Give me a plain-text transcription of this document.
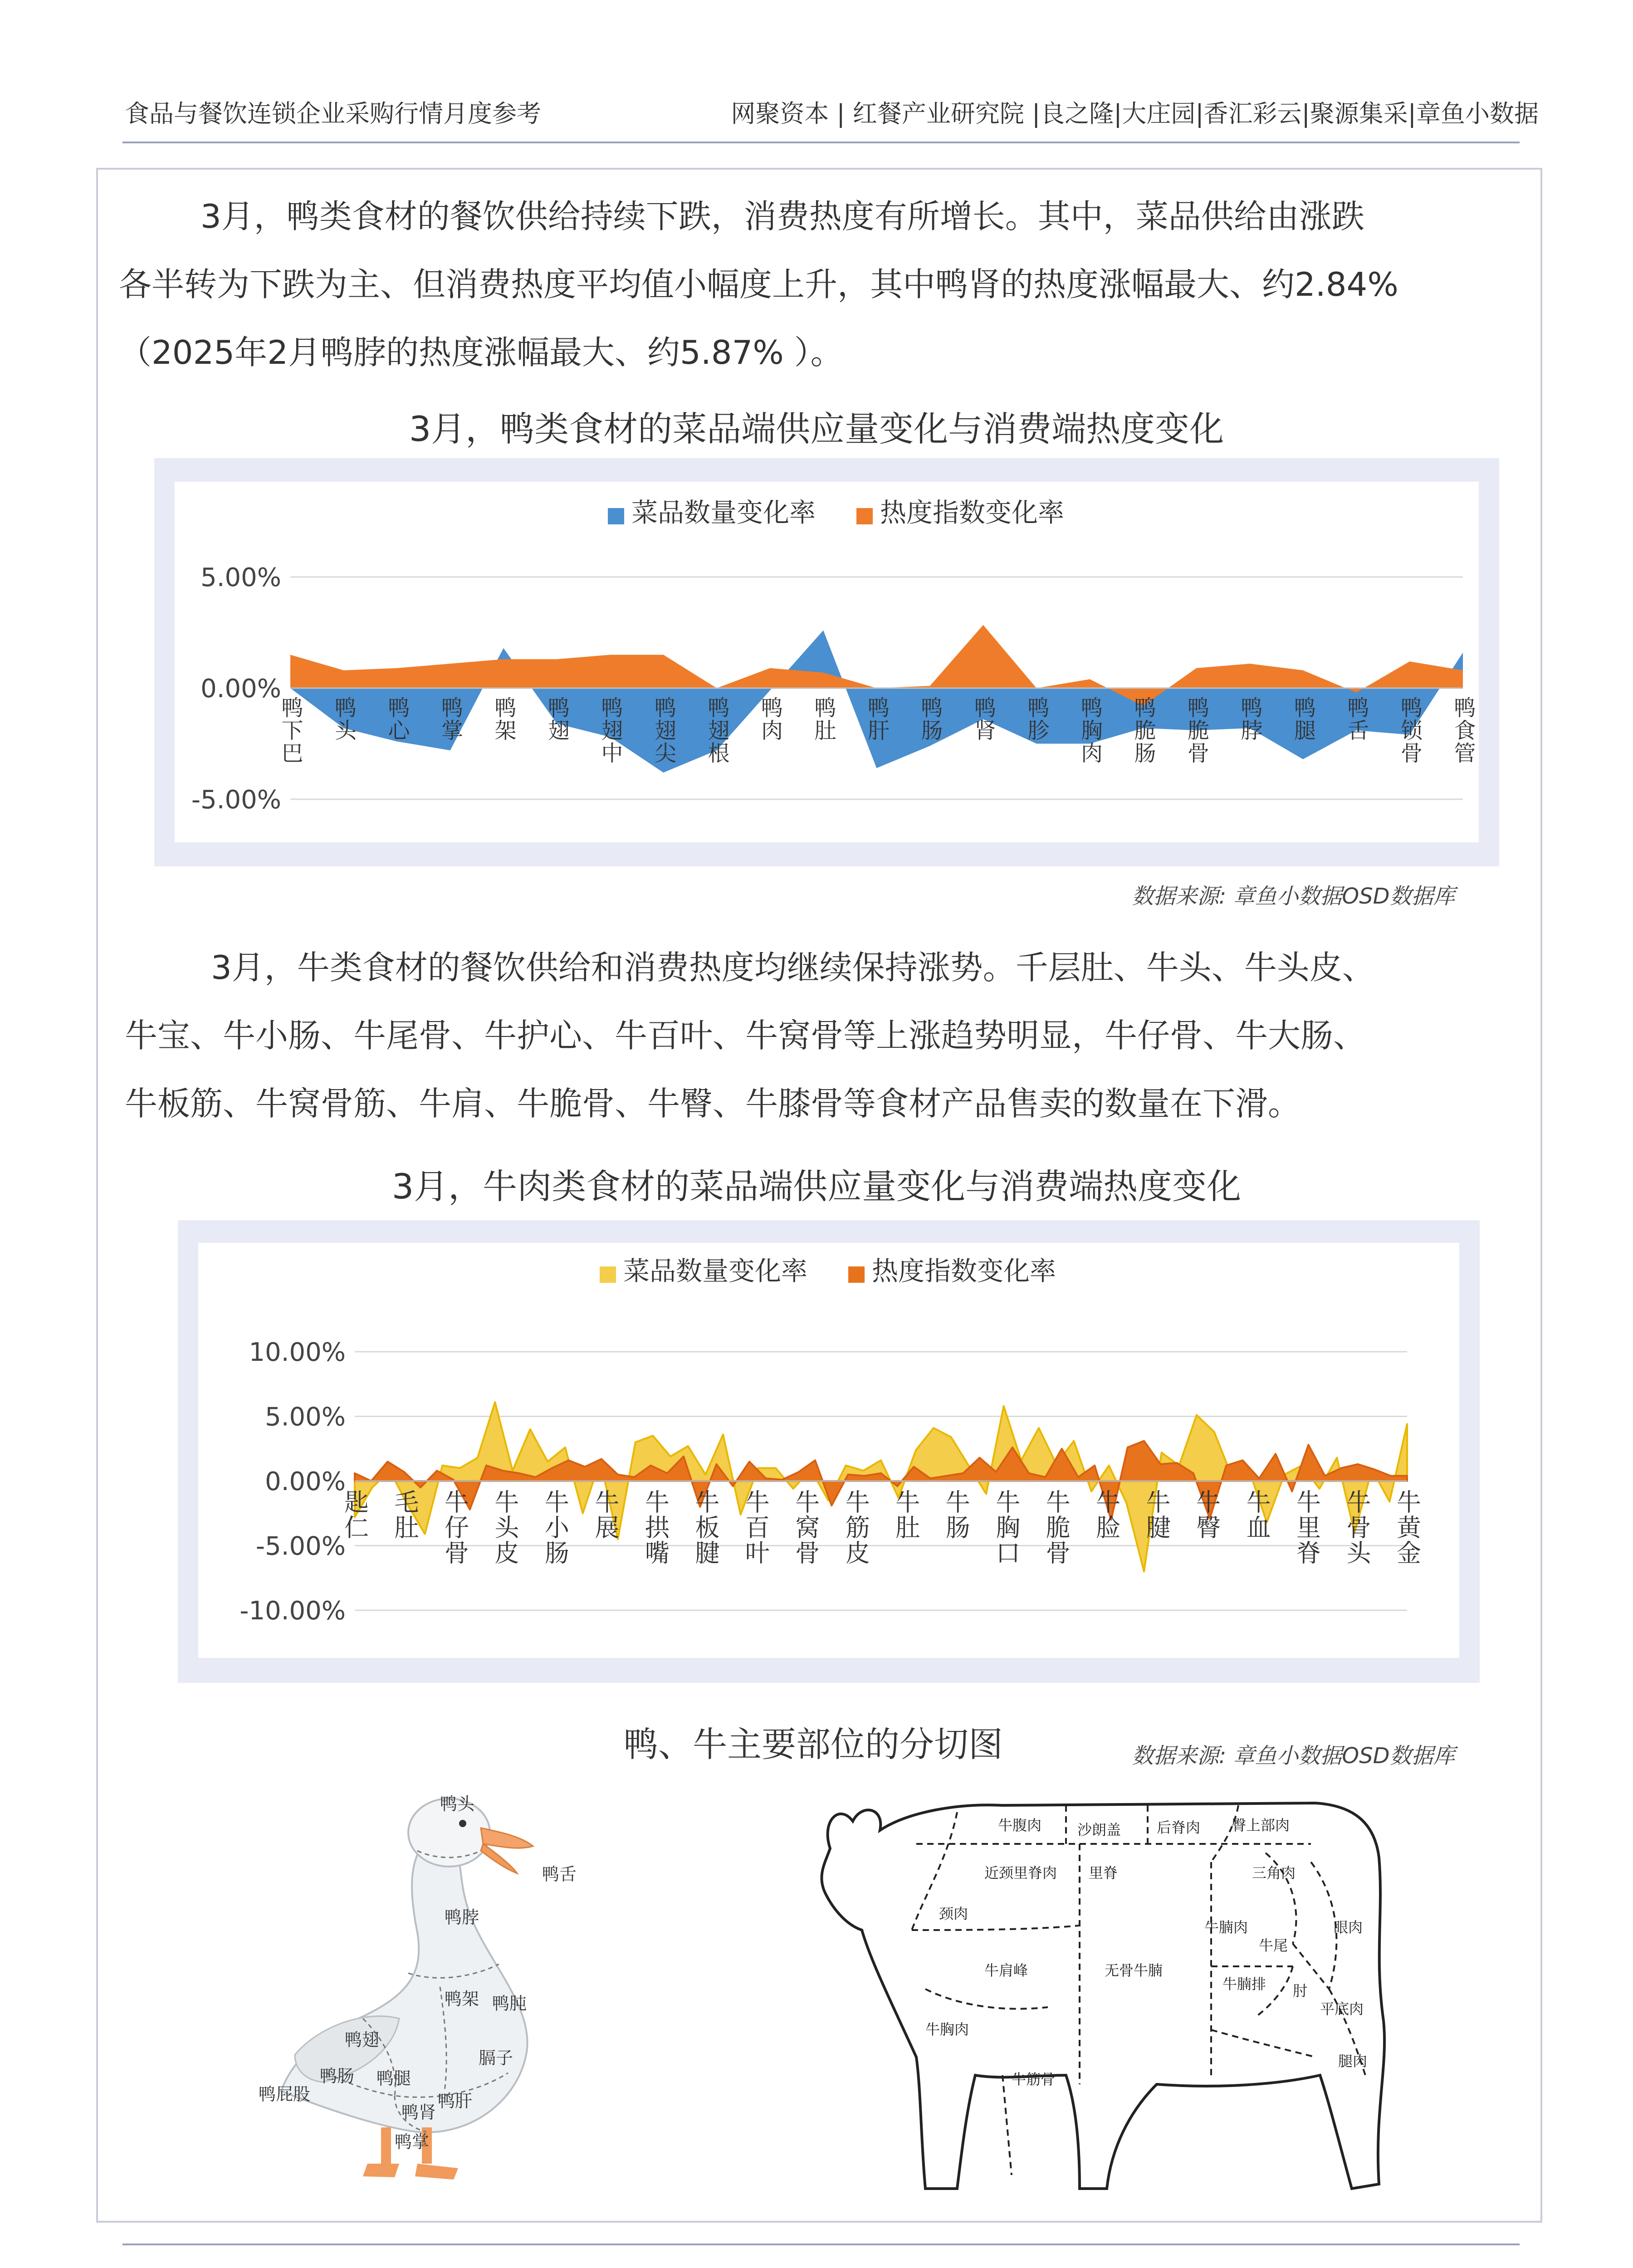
食品与餐饮连锁企业采购行情月度参考	网聚资本 | 红餐产业研究院 |良之隆|大庄园|香汇彩云|聚源集采|章鱼小数据
3月，鸭类食材的餐饮供给持续下跌，消费热度有所增长。其中，菜品供给由涨跌
各半转为下跌为主、但消费热度平均值小幅度上升，其中鸭肾的热度涨幅最大、约2.84%
（2025年2月鸭脖的热度涨幅最大、约5.87% ）。
3月，鸭类食材的菜品端供应量变化与消费端热度变化
5.00%
0.00%
-5.00%
鸭下巴 鸭头 鸭心 鸭掌 鸭架 鸭翅 鸭翅中 鸭翅尖 鸭翅根 鸭肉 鸭肚 鸭肝 鸭肠 鸭肾 鸭胗 鸭胸肉 鸭脆肠 鸭脆骨 鸭脖 鸭腿 鸭舌 鸭锁骨 鸭食管
菜品数量变化率 热度指数变化率
数据来源: 章鱼小数据OSD数据库
3月，牛类食材的餐饮供给和消费热度均继续保持涨势。千层肚、牛头、牛头皮、
牛宝、牛小肠、牛尾骨、牛护心、牛百叶、牛窝骨等上涨趋势明显，牛仔骨、牛大肠、
牛板筋、牛窝骨筋、牛肩、牛脆骨、牛臀、牛膝骨等食材产品售卖的数量在下滑。
3月，牛肉类食材的菜品端供应量变化与消费端热度变化
10.00%
5.00%
0.00%
-5.00%
-10.00%
匙仁 毛肚 牛仔骨 牛头皮 牛小肠 牛展 牛拱嘴 牛板腱 牛百叶 牛窝骨 牛筋皮 牛肚 牛肠 牛胸口 牛脆骨 牛脸 牛腱 牛臀 牛血 牛里脊 牛骨头 牛黄金
菜品数量变化率 热度指数变化率
鸭、牛主要部位的分切图	数据来源: 章鱼小数据OSD数据库
鸭头
鸭舌
鸭脖
鸭架 鸭肫
鸭翅
鸭肠 鸭腿
鸭屁股
膈子
鸭肾
鸭肝
鸭掌
牛腹肉 沙朗盖 后脊肉 臀上部肉
近颈里脊肉 里脊	三角肉
颈肉
牛腩肉	眼肉
牛尾
牛肩峰	无骨牛腩
牛腩排 肘
平底肉
牛胸肉
腿肉
牛筋骨
